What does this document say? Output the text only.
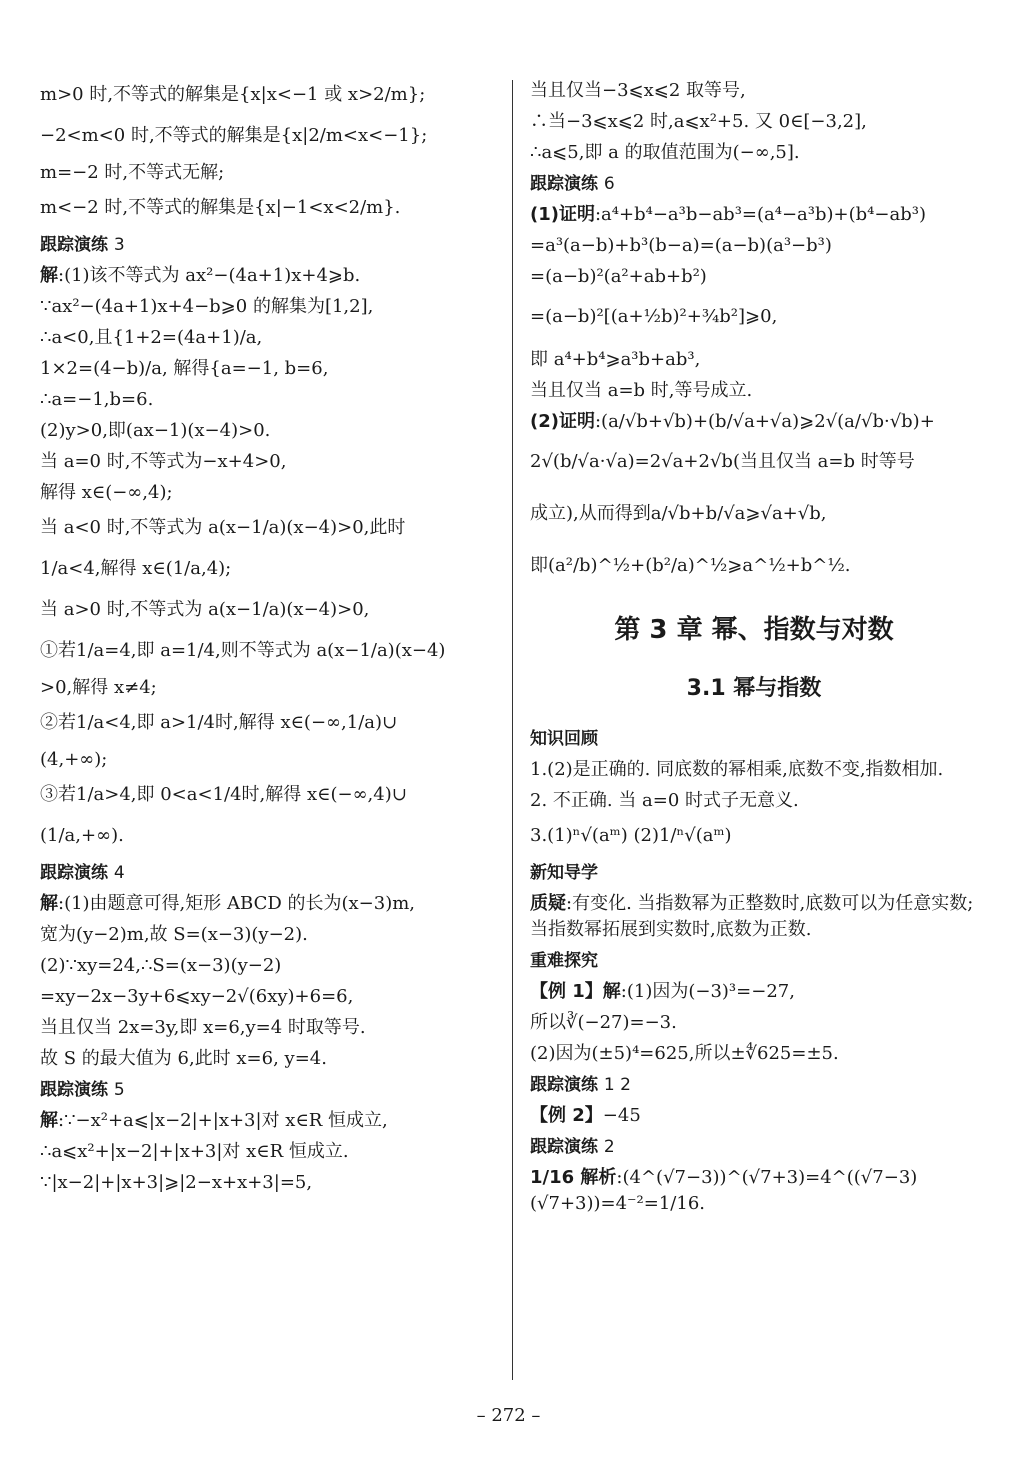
m>0 时,不等式的解集是{x|x<−1 或 x>2/m};

−2<m<0 时,不等式的解集是{x|2/m<x<−1};

m=−2 时,不等式无解;

m<−2 时,不等式的解集是{x|−1<x<2/m}.

跟踪演练 3

解:(1)该不等式为 ax²−(4a+1)x+4⩾b.

∵ax²−(4a+1)x+4−b⩾0 的解集为[1,2],

∴a<0,且{1+2=(4a+1)/a,

1×2=(4−b)/a, 解得{a=−1, b=6,

∴a=−1,b=6.

(2)y>0,即(ax−1)(x−4)>0.

当 a=0 时,不等式为−x+4>0,

解得 x∈(−∞,4);

当 a<0 时,不等式为 a(x−1/a)(x−4)>0,此时

1/a<4,解得 x∈(1/a,4);

当 a>0 时,不等式为 a(x−1/a)(x−4)>0,

①若1/a=4,即 a=1/4,则不等式为 a(x−1/a)(x−4)

>0,解得 x≠4;

②若1/a<4,即 a>1/4时,解得 x∈(−∞,1/a)∪

(4,+∞);

③若1/a>4,即 0<a<1/4时,解得 x∈(−∞,4)∪

(1/a,+∞).

跟踪演练 4

解:(1)由题意可得,矩形 ABCD 的长为(x−3)m,

宽为(y−2)m,故 S=(x−3)(y−2).

(2)∵xy=24,∴S=(x−3)(y−2)

=xy−2x−3y+6⩽xy−2√(6xy)+6=6,

当且仅当 2x=3y,即 x=6,y=4 时取等号.

故 S 的最大值为 6,此时 x=6, y=4.

跟踪演练 5

解:∵−x²+a⩽|x−2|+|x+3|对 x∈R 恒成立,

∴a⩽x²+|x−2|+|x+3|对 x∈R 恒成立.

∵|x−2|+|x+3|⩾|2−x+x+3|=5,

当且仅当−3⩽x⩽2 取等号,

∴当−3⩽x⩽2 时,a⩽x²+5. 又 0∈[−3,2],

∴a⩽5,即 a 的取值范围为(−∞,5].

跟踪演练 6

(1)证明:a⁴+b⁴−a³b−ab³=(a⁴−a³b)+(b⁴−ab³)

=a³(a−b)+b³(b−a)=(a−b)(a³−b³)

=(a−b)²(a²+ab+b²)

=(a−b)²[(a+½b)²+¾b²]⩾0,

即 a⁴+b⁴⩾a³b+ab³,

当且仅当 a=b 时,等号成立.

(2)证明:(a/√b+√b)+(b/√a+√a)⩾2√(a/√b·√b)+

2√(b/√a·√a)=2√a+2√b(当且仅当 a=b 时等号

成立),从而得到a/√b+b/√a⩾√a+√b,

即(a²/b)^½+(b²/a)^½⩾a^½+b^½.

第 3 章 幂、指数与对数
3.1 幂与指数
知识回顾

1.(2)是正确的. 同底数的幂相乘,底数不变,指数相加.

2. 不正确. 当 a=0 时式子无意义.

3.(1)ⁿ√(aᵐ) (2)1/ⁿ√(aᵐ)

新知导学

质疑:有变化. 当指数幂为正整数时,底数可以为任意实数;当指数幂拓展到实数时,底数为正数.

重难探究

【例 1】解:(1)因为(−3)³=−27,

所以∛(−27)=−3.

(2)因为(±5)⁴=625,所以±∜625=±5.

跟踪演练 1 2

【例 2】−45

跟踪演练 2

1/16 解析:(4^(√7−3))^(√7+3)=4^((√7−3)(√7+3))=4⁻²=1/16.

– 272 –
